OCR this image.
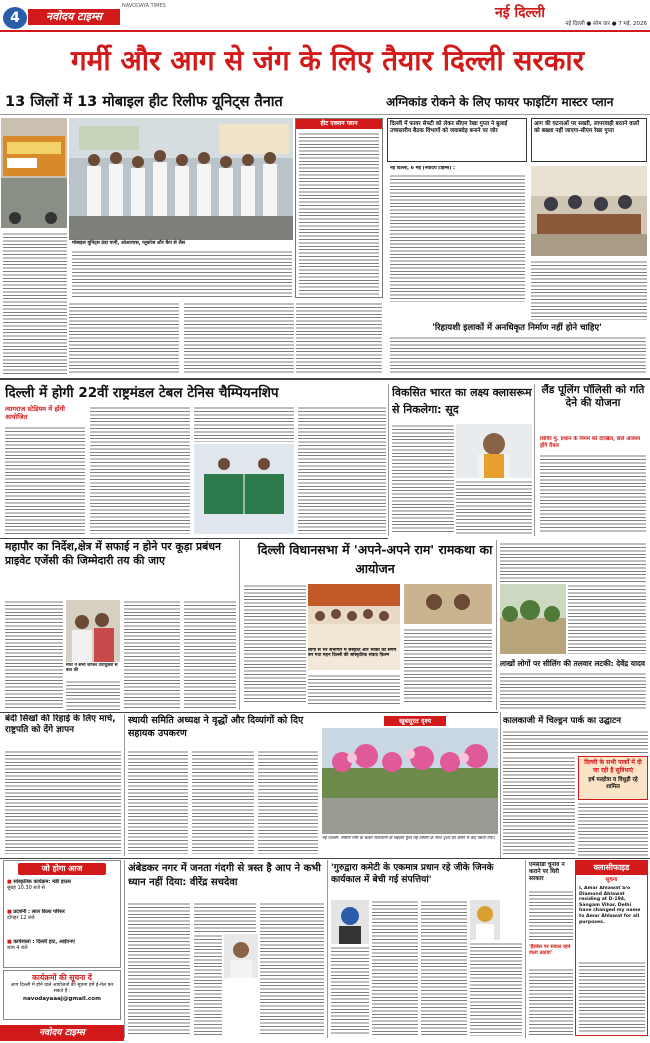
4	नवोदय टाइम्स
NAVODAYA TIMES	नई दिल्ली
नई दिल्ली ● सोम वार ● 7 मई, 2026
गर्मी और आग से जंग के लिए तैयार दिल्ली सरकार
13 जिलों में 13 मोबाइल हीट रिलीफ यूनिट्स तैनात	अग्निकांड रोकने के लिए फायर फाइटिंग मास्टर प्लान
मोबाइल यूनिट्स ठंडा पानी, ओआरएस, ग्लूकोज और कैप से लैस
हीट एक्शन प्लान	दिल्ली में फायर सेफ्टी को लेकर सीएम रेखा गुप्ता ने बुलाई उच्चस्तरीय बैठक विभागों को जवाबदेह बनाने पर जोर
आग की घटनाओं पर सख्ती, लापरवाही बरतने वालों को बख्शा नहीं जाएगा-सीएम रेखा गुप्ता
नई दिल्ली, 6 मई (नवोदय टाइम्स) :
'रिहायशी इलाकों में अनधिकृत निर्माण नहीं होने चाहिए'
दिल्ली में होगी 22वीं राष्ट्रमंडल टेबल टेनिस चैम्पियनशिप
त्यागराज स्टेडियम में होंगी आयोजित
विकसित भारत का लक्ष्य क्लासरूम से निकलेगा: सूद
महापौर का निर्देश,क्षेत्र में सफाई न होने पर कूड़ा प्रबंधन प्राइवेट एजेंसी की जिम्मेदारी तय की जाए
मेयर ने सभी जोनल उपायुक्तों से बात की
दिल्ली विधानसभा में 'अपने-अपने राम' रामकथा का आयोजन
लोगों से भरे सभागार में संस्कृति और भक्ति का संगम बन गया महन दिल्ली की सांस्कृतिक संवाद फ़िल्म
बंदी सिखों की रिहाई के लिए मार्च, राष्ट्रपति को देंगे ज्ञापन
स्थायी समिति अध्यक्ष ने वृद्धों और दिव्यांगों को दिए सहायक उपकरण
खूबसूरत दृश्य
नई दिल्ली: भीषण गर्मी के चलते राजधानी के खिलते फूल नई तस्वीर के साथ दृश्य को कैमरे में कैद किया गया।
कालकाजी में चिल्ड्रन पार्क का उद्घाटन
दिल्ली के सभी पार्कों में दी जा रही है सुविधाएं
हर्ष मल्होत्रा व विधुड़ी रहे शामिल
जो होगा आज
■ सांस्कृतिक कार्यक्रम: मंडी हाउस
सुबह 10.30 बजे से
■ प्रदर्शनी : लाल किला परिसर
दोपहर 12 बजे
■ कार्यशाला : दिल्ली हाट, आईएनए
शाम 4 बजे
कार्यक्रमों की सूचना दें
आप दिल्ली में होने वाले आयोजनों की सूचना हमें ई-मेल कर सकते हैं :
navodayaaaj@gmail.com
अंबेडकर नगर में जनता गंदगी से त्रस्त है आप ने कभी ध्यान नहीं दिया: वीरेंद्र सचदेवा
'गुरुद्वारा कमेटी के एकमात्र प्रधान रहे जीके जिनके कार्यकाल में बेची गई संपत्तियां'
क्लासीफाइड
सूचना
I, Amar Ahlawat S/o Diamond Ahlawat residing at D-194, Sangam Vihar, Delhi have changed my name to Amar Ahlawat for all purposes.
नवोदय टाइम्स
लैंड पूलिंग पॉलिसी को गति देने की योजना
शिविर मु. प्रधान के निगम को दाखिल, छले आवश्य होंगे तैयार
लाखों लोगों पर सीलिंग की तलवार लटकी: देवेंद्र यादव
एमसीडी चुनाव न कराने पर घिरी सरकार
'हैंडवेल पर सवाल रहने वाला उठाया'
